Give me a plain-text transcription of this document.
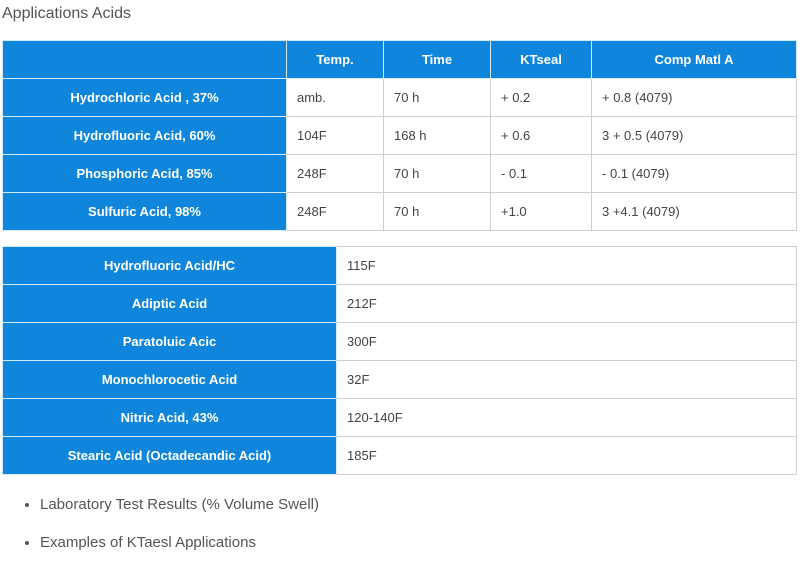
Applications Acids
	Temp.	Time	KTseal	Comp Matl A
Hydrochloric Acid , 37%	amb.	70 h	+ 0.2	+ 0.8 (4079)
Hydrofluoric Acid, 60%	104F	168 h	+ 0.6	3 + 0.5 (4079)
Phosphoric Acid, 85%	248F	70 h	- 0.1	- 0.1 (4079)
Sulfuric Acid, 98%	248F	70 h	+1.0	3 +4.1 (4079)
Hydrofluoric Acid/HC	115F
Adiptic Acid	212F
Paratoluic Acic	300F
Monochlorocetic Acid	32F
Nitric Acid, 43%	120-140F
Stearic Acid (Octadecandic Acid)	185F
• Laboratory Test Results (% Volume Swell)
• Examples of KTaesl Applications
